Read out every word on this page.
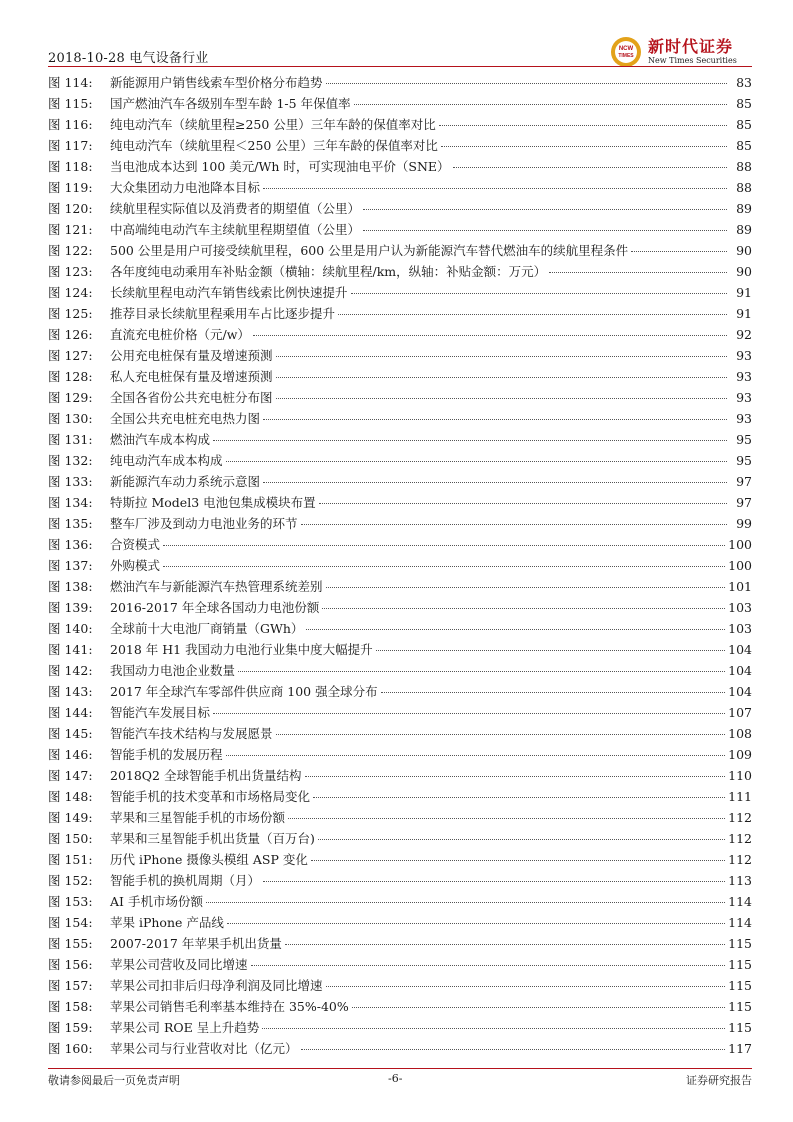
2018-10-28 电气设备行业
NCW
TIMES 新时代证券
New Times Securities
图 114:	新能源用户销售线索车型价格分布趋势	83
图 115:	国产燃油汽车各级别车型车龄 1-5 年保值率	85
图 116:	纯电动汽车（续航里程≥250 公里）三年车龄的保值率对比	85
图 117:	纯电动汽车（续航里程＜250 公里）三年车龄的保值率对比	85
图 118:	当电池成本达到 100 美元/Wh 时，可实现油电平价（SNE）	88
图 119:	大众集团动力电池降本目标	88
图 120:	续航里程实际值以及消费者的期望值（公里）	89
图 121:	中高端纯电动汽车主续航里程期望值（公里）	89
图 122:	500 公里是用户可接受续航里程，600 公里是用户认为新能源汽车替代燃油车的续航里程条件	90
图 123:	各年度纯电动乘用车补贴金额（横轴：续航里程/km，纵轴：补贴金额：万元）	90
图 124:	长续航里程电动汽车销售线索比例快速提升	91
图 125:	推荐目录长续航里程乘用车占比逐步提升	91
图 126:	直流充电桩价格（元/w）	92
图 127:	公用充电桩保有量及增速预测	93
图 128:	私人充电桩保有量及增速预测	93
图 129:	全国各省份公共充电桩分布图	93
图 130:	全国公共充电桩充电热力图	93
图 131:	燃油汽车成本构成	95
图 132:	纯电动汽车成本构成	95
图 133:	新能源汽车动力系统示意图	97
图 134:	特斯拉 Model3 电池包集成模块布置	97
图 135:	整车厂涉及到动力电池业务的环节	99
图 136:	合资模式	100
图 137:	外购模式	100
图 138:	燃油汽车与新能源汽车热管理系统差别	101
图 139:	2016-2017 年全球各国动力电池份额	103
图 140:	全球前十大电池厂商销量（GWh）	103
图 141:	2018 年 H1 我国动力电池行业集中度大幅提升	104
图 142:	我国动力电池企业数量	104
图 143:	2017 年全球汽车零部件供应商 100 强全球分布	104
图 144:	智能汽车发展目标	107
图 145:	智能汽车技术结构与发展愿景	108
图 146:	智能手机的发展历程	109
图 147:	2018Q2 全球智能手机出货量结构	110
图 148:	智能手机的技术变革和市场格局变化	111
图 149:	苹果和三星智能手机的市场份额	112
图 150:	苹果和三星智能手机出货量（百万台)	112
图 151:	历代 iPhone 摄像头模组 ASP 变化	112
图 152:	智能手机的换机周期（月）	113
图 153:	AI 手机市场份额	114
图 154:	苹果 iPhone 产品线	114
图 155:	2007-2017 年苹果手机出货量	115
图 156:	苹果公司营收及同比增速	115
图 157:	苹果公司扣非后归母净利润及同比增速	115
图 158:	苹果公司销售毛利率基本维持在 35%-40%	115
图 159:	苹果公司 ROE 呈上升趋势	115
图 160:	苹果公司与行业营收对比（亿元）	117
敬请参阅最后一页免责声明	-6-	证券研究报告
